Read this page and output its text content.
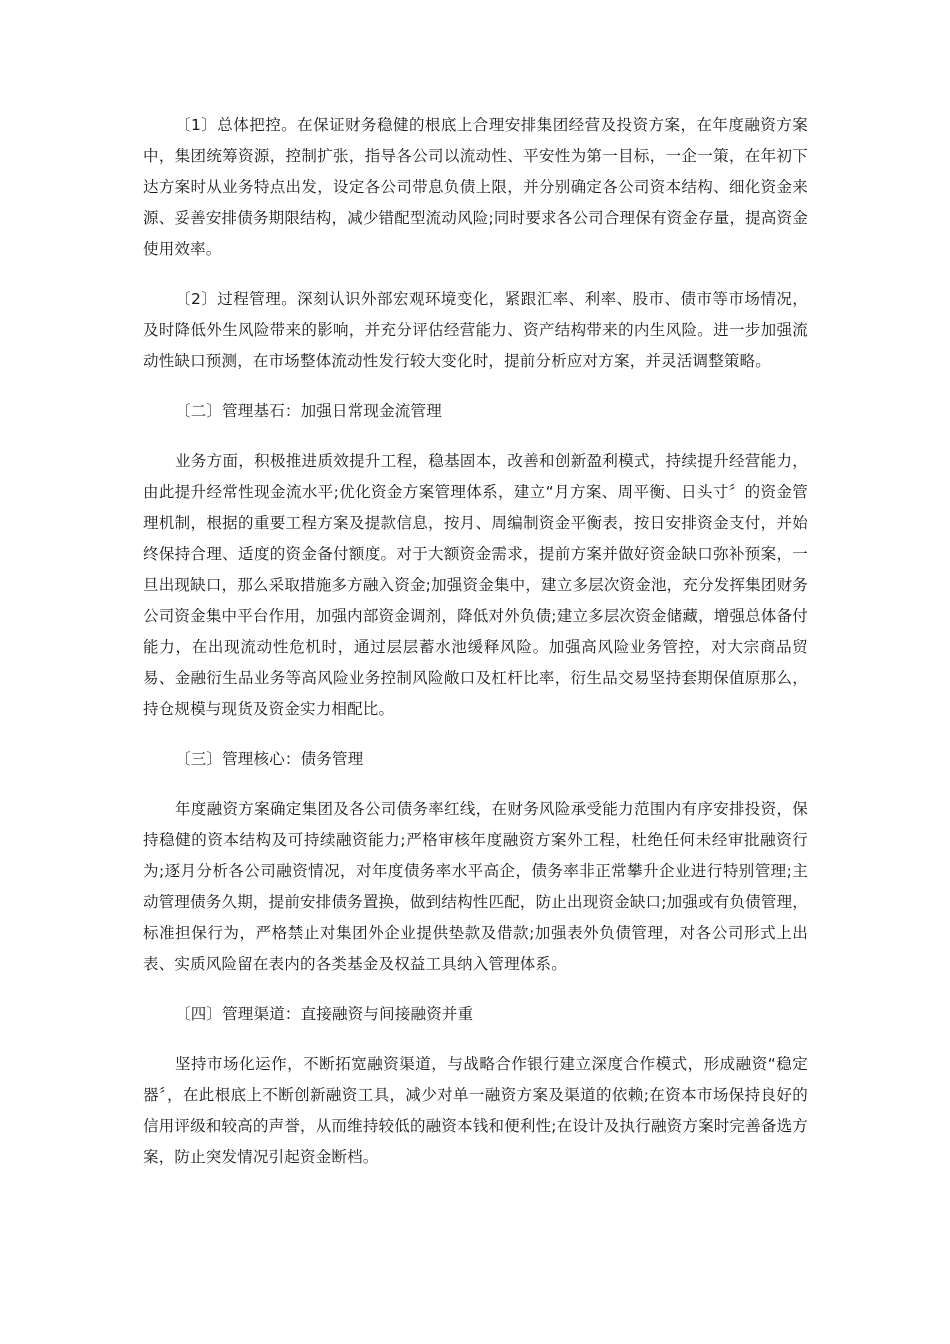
〔1〕总体把控。在保证财务稳健的根底上合理安排集团经营及投资方案，在年度融资方案中，集团统筹资源，控制扩张，指导各公司以流动性、平安性为第一目标，一企一策，在年初下达方案时从业务特点出发，设定各公司带息负债上限，并分别确定各公司资本结构、细化资金来源、妥善安排债务期限结构，减少错配型流动风险;同时要求各公司合理保有资金存量，提高资金使用效率。

〔2〕过程管理。深刻认识外部宏观环境变化，紧跟汇率、利率、股市、债市等市场情况，及时降低外生风险带来的影响，并充分评估经营能力、资产结构带来的内生风险。进一步加强流动性缺口预测，在市场整体流动性发行较大变化时，提前分析应对方案，并灵活调整策略。

〔二〕管理基石：加强日常现金流管理

业务方面，积极推进质效提升工程，稳基固本，改善和创新盈利模式，持续提升经营能力，由此提升经常性现金流水平;优化资金方案管理体系，建立“月方案、周平衡、日头寸〞的资金管理机制，根据的重要工程方案及提款信息，按月、周编制资金平衡表，按日安排资金支付，并始终保持合理、适度的资金备付额度。对于大额资金需求，提前方案并做好资金缺口弥补预案，一旦出现缺口，那么采取措施多方融入资金;加强资金集中，建立多层次资金池，充分发挥集团财务公司资金集中平台作用，加强内部资金调剂，降低对外负债;建立多层次资金储藏，增强总体备付能力，在出现流动性危机时，通过层层蓄水池缓释风险。加强高风险业务管控，对大宗商品贸易、金融衍生品业务等高风险业务控制风险敞口及杠杆比率，衍生品交易坚持套期保值原那么，持仓规模与现货及资金实力相配比。

〔三〕管理核心：债务管理

年度融资方案确定集团及各公司债务率红线，在财务风险承受能力范围内有序安排投资，保持稳健的资本结构及可持续融资能力;严格审核年度融资方案外工程，杜绝任何未经审批融资行为;逐月分析各公司融资情况，对年度债务率水平高企，债务率非正常攀升企业进行特别管理;主动管理债务久期，提前安排债务置换，做到结构性匹配，防止出现资金缺口;加强或有负债管理，标准担保行为，严格禁止对集团外企业提供垫款及借款;加强表外负债管理，对各公司形式上出表、实质风险留在表内的各类基金及权益工具纳入管理体系。

〔四〕管理渠道：直接融资与间接融资并重

坚持市场化运作，不断拓宽融资渠道，与战略合作银行建立深度合作模式，形成融资“稳定器〞，在此根底上不断创新融资工具，减少对单一融资方案及渠道的依赖;在资本市场保持良好的信用评级和较高的声誉，从而维持较低的融资本钱和便利性;在设计及执行融资方案时完善备选方案，防止突发情况引起资金断档。
